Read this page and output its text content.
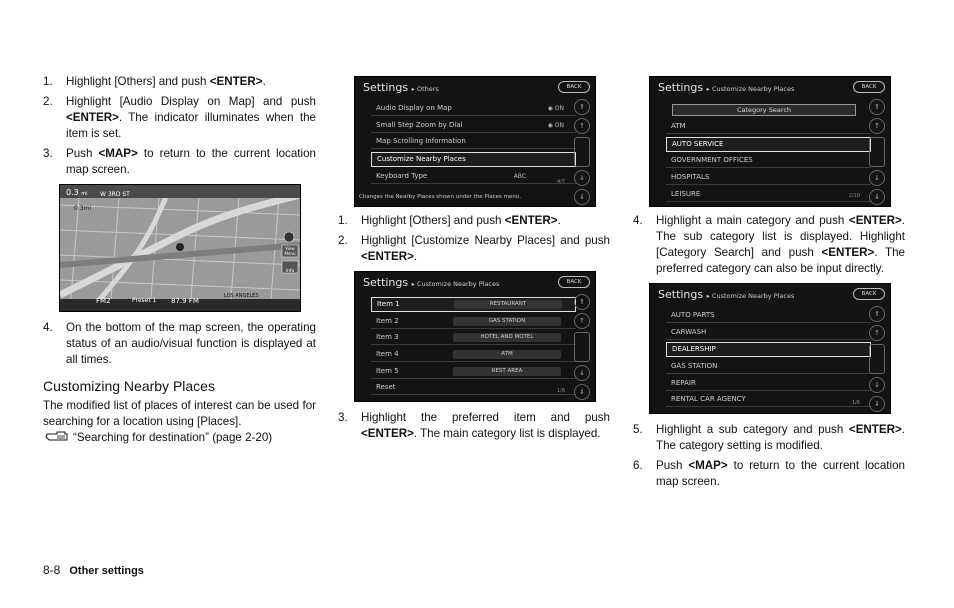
1.	Highlight [Others] and push <ENTER>.
2.	Highlight [Audio Display on Map] and push <ENTER>. The indicator illuminates when the item is set.
3.	Push <MAP> to return to the current location map screen.
0.3 mi W 3RD ST
0.3mi
LOS ANGELES
View Menu
Info
FM2	Preset 1 87.9 FM
4.	On the bottom of the map screen, the operating status of an audio/visual function is displayed at all times.
Customizing Nearby Places
The modified list of places of interest can be used for searching for a location using [Places].
“Searching for destination” (page 2-20)
Settings ▸ Others	BACK
Audio Display on Map	◉ ON
Small Step Zoom by Dial	◉ ON
Map Scrolling Information
Customize Nearby Places
Keyboard Type	ABC
⇑
↑
↓
⇓
4/7
Changes the Nearby Places shown under the Places menu.
1.	Highlight [Others] and push <ENTER>.
2.	Highlight [Customize Nearby Places] and push <ENTER>.
Settings ▸ Customize Nearby Places	BACK
Item 1	RESTAURANT
Item 2	GAS STATION
Item 3	HOTEL AND MOTEL
Item 4	ATM
Item 5	REST AREA
Reset
⇑
↑
↓
⇓
1/6
3.	Highlight the preferred item and push <ENTER>. The main category list is displayed.
Settings ▸ Customize Nearby Places	BACK
Category Search
ATM
AUTO SERVICE
GOVERNMENT OFFICES
HOSPITALS
LEISURE
⇑
↑
↓
⇓
2/10
4.	Highlight a main category and push <ENTER>. The sub category list is displayed. Highlight [Category Search] and push <ENTER>. The preferred category can also be input directly.
Settings ▸ Customize Nearby Places	BACK
AUTO PARTS
CARWASH
DEALERSHIP
GAS STATION
REPAIR
RENTAL CAR AGENCY
⇑
↑
↓
⇓
1/6
5.	Highlight a sub category and push <ENTER>. The category setting is modified.
6.	Push <MAP> to return to the current location map screen.
8-8 Other settings
